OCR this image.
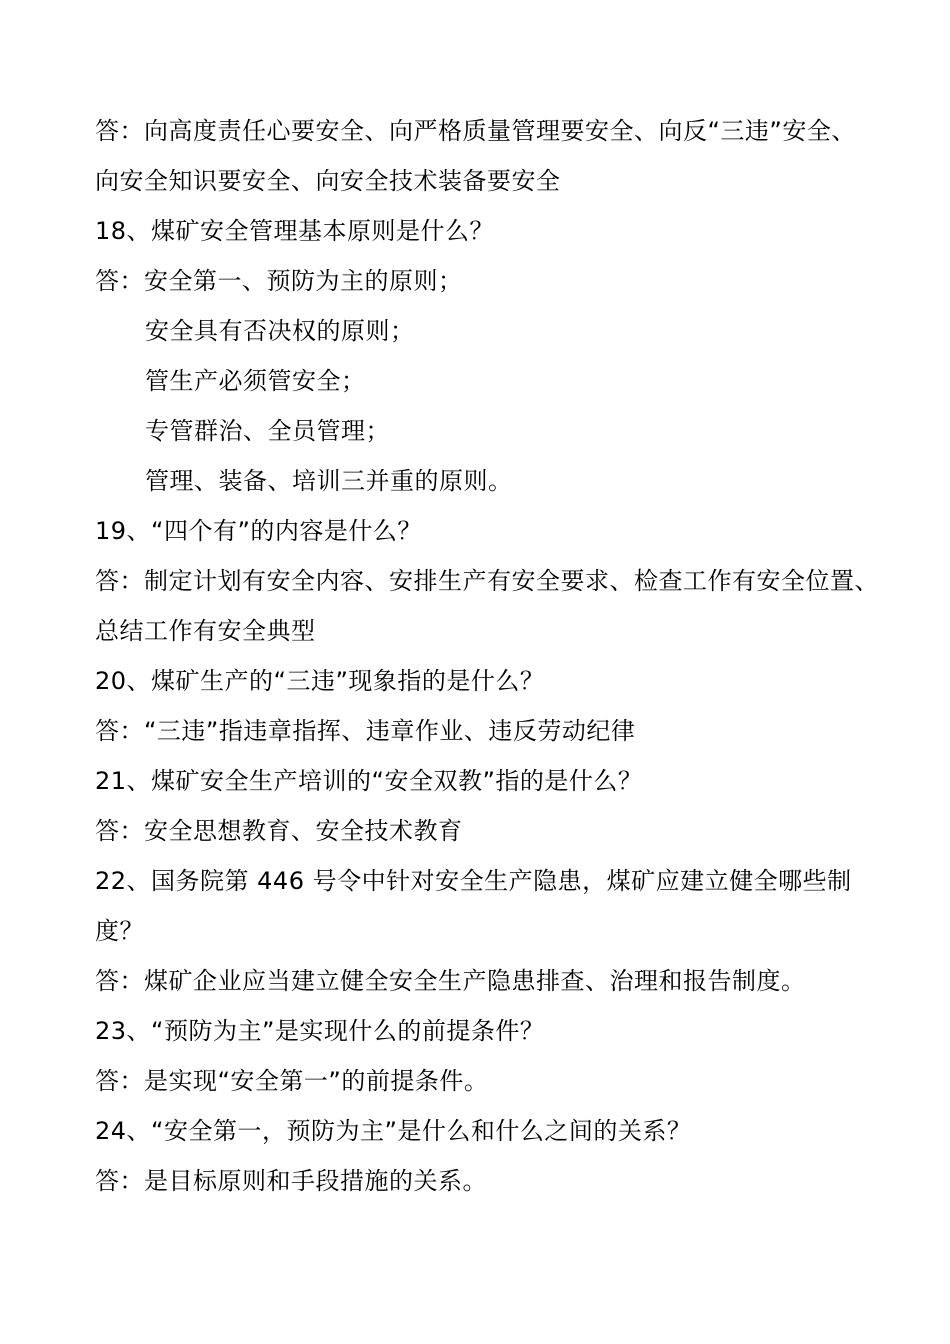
答：向高度责任心要安全、向严格质量管理要安全、向反“三违”安全、
向安全知识要安全、向安全技术装备要安全
18、煤矿安全管理基本原则是什么？
答：安全第一、预防为主的原则；
安全具有否决权的原则；
管生产必须管安全；
专管群治、全员管理；
管理、装备、培训三并重的原则。
19、“四个有”的内容是什么？
答：制定计划有安全内容、安排生产有安全要求、检查工作有安全位置、
总结工作有安全典型
20、煤矿生产的“三违”现象指的是什么？
答：“三违”指违章指挥、违章作业、违反劳动纪律
21、煤矿安全生产培训的“安全双教”指的是什么？
答：安全思想教育、安全技术教育
22、国务院第 446 号令中针对安全生产隐患，煤矿应建立健全哪些制
度？
答：煤矿企业应当建立健全安全生产隐患排查、治理和报告制度。
23、“预防为主”是实现什么的前提条件？
答：是实现“安全第一”的前提条件。
24、“安全第一，预防为主”是什么和什么之间的关系？
答：是目标原则和手段措施的关系。
